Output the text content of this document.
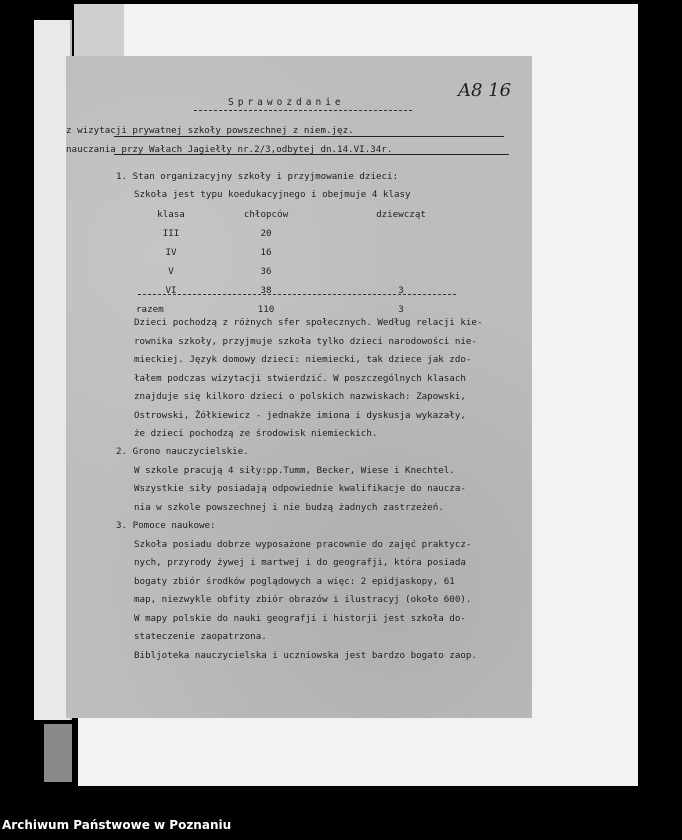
Sprawozdanie
A8 16
z wizytacji prywatnej szkoły powszechnej z niem.jęz.
nauczania przy Wałach Jagiełły nr.2/3,odbytej dn.14.VI.34r.
1. Stan organizacyjny szkoły i przyjmowanie dzieci:
Szkoła jest typu koedukacyjnego i obejmuje 4 klasy
klasa	chłopców	dziewcząt
III	20	
IV	16	
V	36	
VI	38	3
razem	110	3
Dzieci pochodzą z różnych sfer społecznych. Według relacji kie-
rownika szkoły, przyjmuje szkoła tylko dzieci narodowości nie-
mieckiej. Język domowy dzieci: niemiecki, tak dziece jak zdo-
łałem podczas wizytacji stwierdzić. W poszczególnych klasach
znajduje się kilkoro dzieci o polskich nazwiskach: Zapowski,
Ostrowski, Żółkiewicz - jednakże imiona i dyskusja wykazały,
że dzieci pochodzą ze środowisk niemieckich.
2. Grono nauczycielskie.
W szkole pracują 4 siły:pp.Tumm, Becker, Wiese i Knechtel.
Wszystkie siły posiadają odpowiednie kwalifikacje do naucza-
nia w szkole powszechnej i nie budzą żadnych zastrzeżeń.
3. Pomoce naukowe:
Szkoła posiadu dobrze wyposażone pracownie do zajęć praktycz-
nych, przyrody żywej i martwej i do geografji, która posiada
bogaty zbiór środków poglądowych a więc: 2 epidjaskopy, 61
map, niezwykle obfity zbiór obrazów i ilustracyj (około 600).
W mapy polskie do nauki geografji i historji jest szkoła do-
stateczenie zaopatrzona.
Bibljoteka nauczycielska i uczniowska jest bardzo bogato zaop.
Archiwum Państwowe w Poznaniu
